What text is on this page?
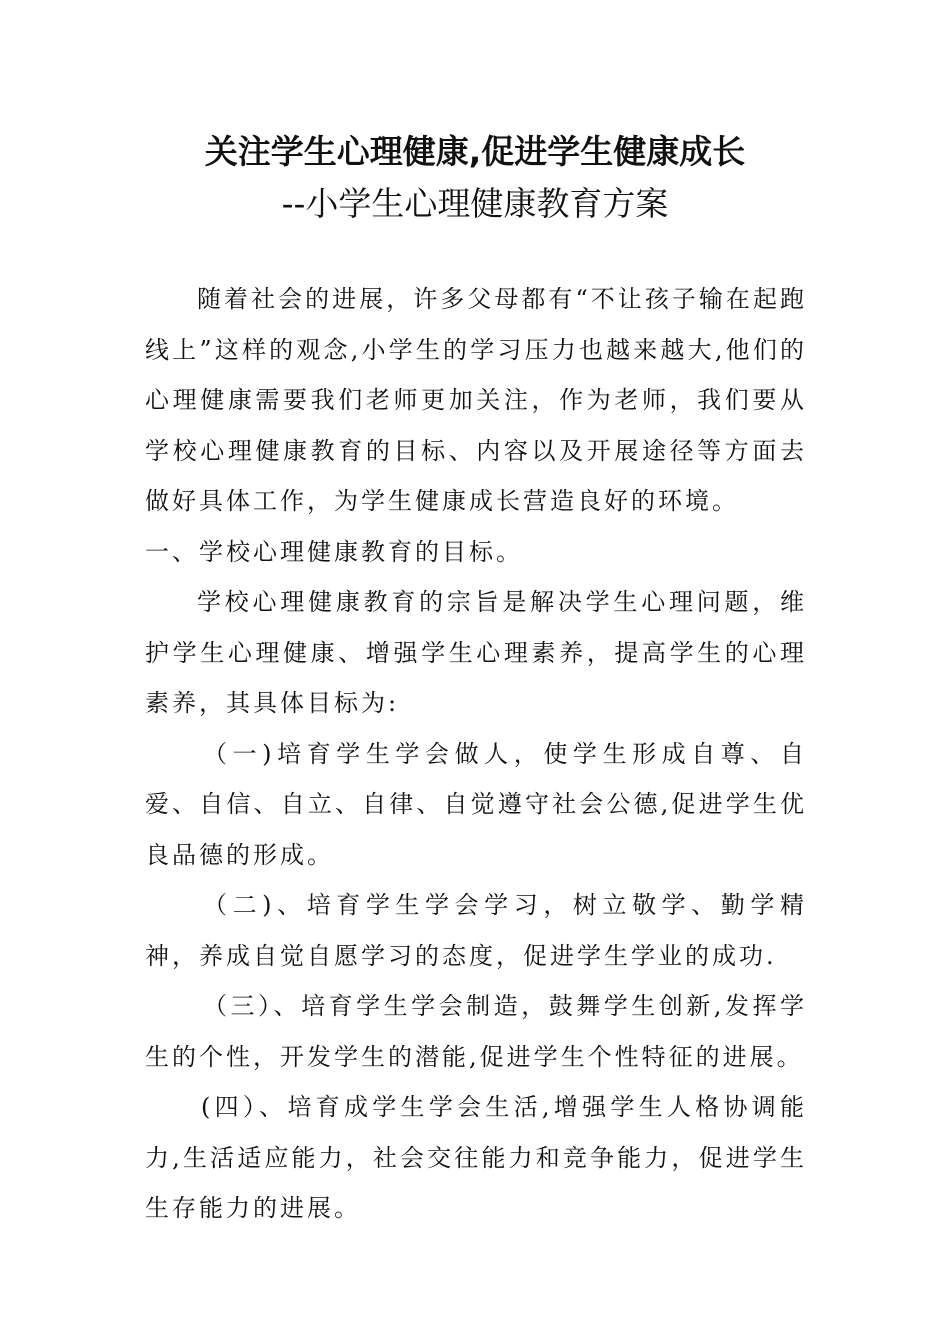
关注学生心理健康,促进学生健康成长
--小学生心理健康教育方案

随着社会的进展，许多父母都有“不让孩子输在起跑线上”这样的观念,小学生的学习压力也越来越大,他们的心理健康需要我们老师更加关注，作为老师，我们要从学校心理健康教育的目标、内容以及开展途径等方面去做好具体工作，为学生健康成长营造良好的环境。

一、学校心理健康教育的目标。

学校心理健康教育的宗旨是解决学生心理问题，维护学生心理健康、增强学生心理素养，提高学生的心理素养，其具体目标为:

（一)培育学生学会做人，使学生形成自尊、自爱、自信、自立、自律、自觉遵守社会公德,促进学生优良品德的形成。

（二)、培育学生学会学习，树立敬学、勤学精神，养成自觉自愿学习的态度，促进学生学业的成功.

（三）、培育学生学会制造，鼓舞学生创新,发挥学生的个性，开发学生的潜能,促进学生个性特征的进展。

(四）、培育成学生学会生活,增强学生人格协调能力,生活适应能力，社会交往能力和竞争能力，促进学生生存能力的进展。
